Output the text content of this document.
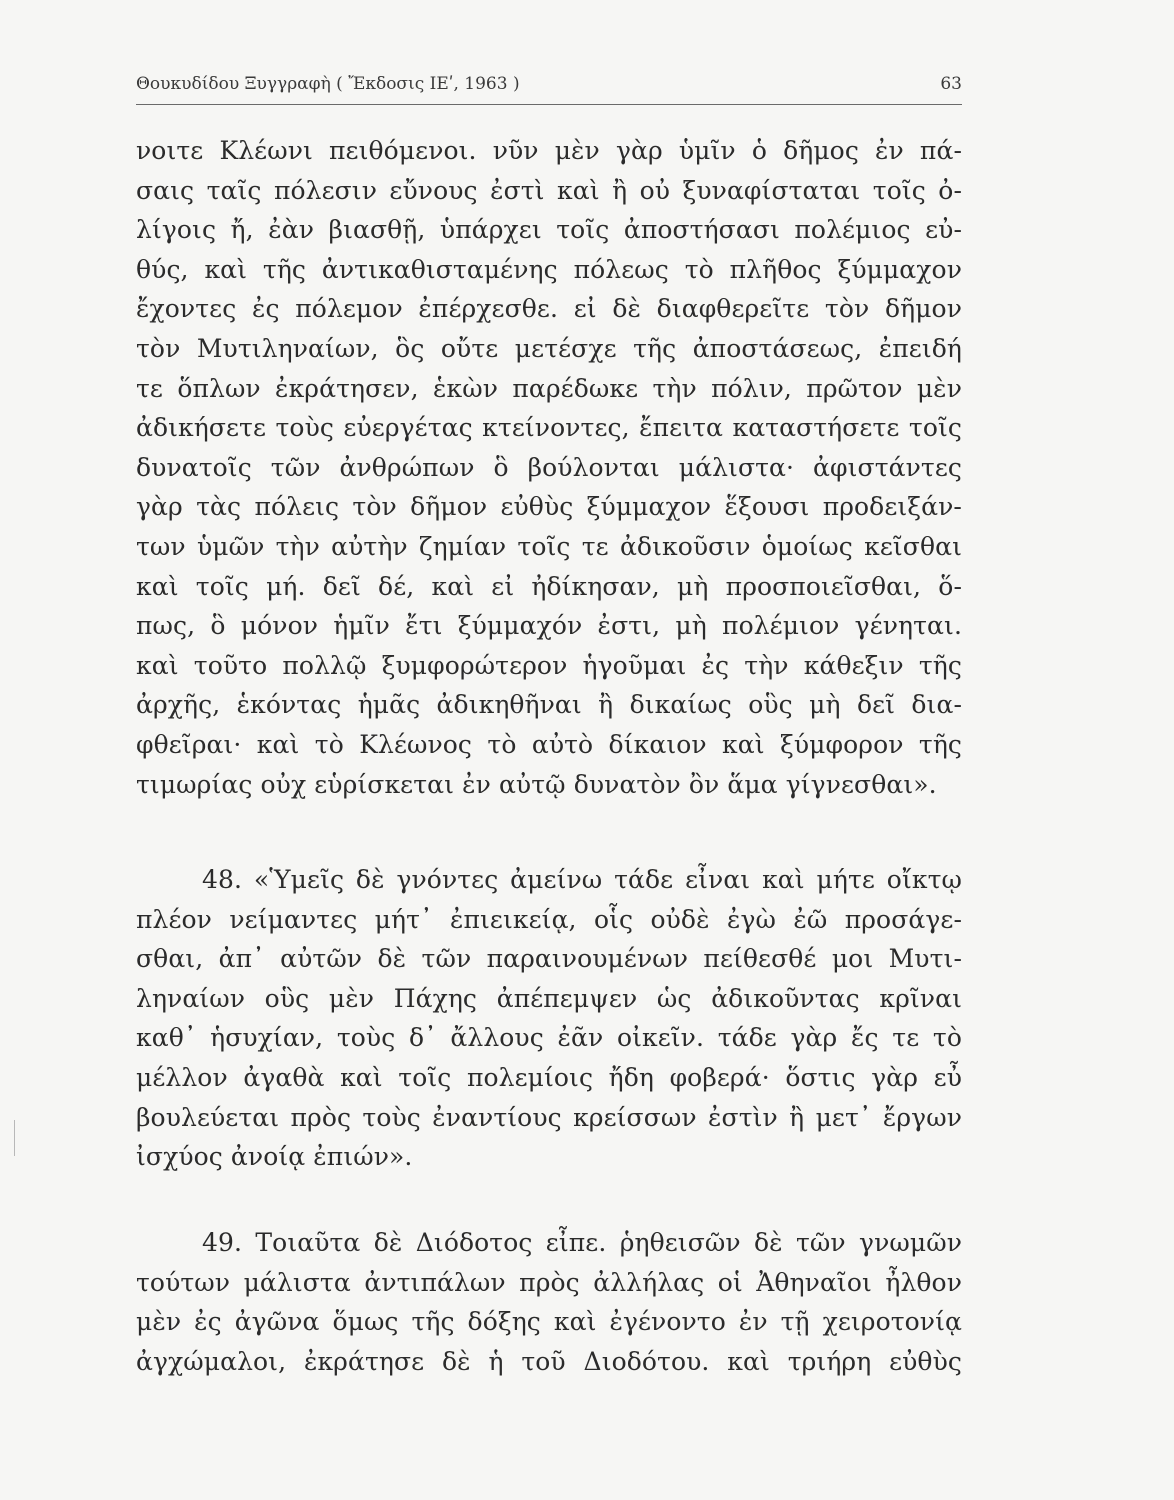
Θουκυδίδου Ξυγγραφὴ ( Ἔκδοσις ΙΕʹ, 1963 )	63
νοιτε Κλέωνι πειθόμενοι. νῦν μὲν γὰρ ὑμῖν ὁ δῆμος ἐν πά-
σαις ταῖς πόλεσιν εὔνους ἐστὶ καὶ ἢ οὐ ξυναφίσταται τοῖς ὀ-
λίγοις ἤ, ἐὰν βιασθῇ, ὑπάρχει τοῖς ἀποστήσασι πολέμιος εὐ-
θύς, καὶ τῆς ἀντικαθισταμένης πόλεως τὸ πλῆθος ξύμμαχον
ἔχοντες ἐς πόλεμον ἐπέρχεσθε. εἰ δὲ διαφθερεῖτε τὸν δῆμον
τὸν Μυτιληναίων, ὃς οὔτε μετέσχε τῆς ἀποστάσεως, ἐπειδή
τε ὅπλων ἐκράτησεν, ἑκὼν παρέδωκε τὴν πόλιν, πρῶτον μὲν
ἀδικήσετε τοὺς εὐεργέτας κτείνοντες, ἔπειτα καταστήσετε τοῖς
δυνατοῖς τῶν ἀνθρώπων ὃ βούλονται μάλιστα· ἀφιστάντες
γὰρ τὰς πόλεις τὸν δῆμον εὐθὺς ξύμμαχον ἕξουσι προδειξάν-
των ὑμῶν τὴν αὐτὴν ζημίαν τοῖς τε ἀδικοῦσιν ὁμοίως κεῖσθαι
καὶ τοῖς μή. δεῖ δέ, καὶ εἰ ἠδίκησαν, μὴ προσποιεῖσθαι, ὅ-
πως, ὃ μόνον ἡμῖν ἔτι ξύμμαχόν ἐστι, μὴ πολέμιον γένηται.
καὶ τοῦτο πολλῷ ξυμφορώτερον ἡγοῦμαι ἐς τὴν κάθεξιν τῆς
ἀρχῆς, ἑκόντας ἡμᾶς ἀδικηθῆναι ἢ δικαίως οὓς μὴ δεῖ δια-
φθεῖραι· καὶ τὸ Κλέωνος τὸ αὐτὸ δίκαιον καὶ ξύμφορον τῆς
τιμωρίας οὐχ εὑρίσκεται ἐν αὐτῷ δυνατὸν ὂν ἅμα γίγνεσθαι».
48. «Ὑμεῖς δὲ γνόντες ἀμείνω τάδε εἶναι καὶ μήτε οἴκτῳ
πλέον νείμαντες μήτ᾽ ἐπιεικείᾳ, οἷς οὐδὲ ἐγὼ ἐῶ προσάγε-
σθαι, ἀπ᾽ αὐτῶν δὲ τῶν παραινουμένων πείθεσθέ μοι Μυτι-
ληναίων οὓς μὲν Πάχης ἀπέπεμψεν ὡς ἀδικοῦντας κρῖναι
καθ᾽ ἡσυχίαν, τοὺς δ᾽ ἄλλους ἐᾶν οἰκεῖν. τάδε γὰρ ἔς τε τὸ
μέλλον ἀγαθὰ καὶ τοῖς πολεμίοις ἤδη φοβερά· ὅστις γὰρ εὖ
βουλεύεται πρὸς τοὺς ἐναντίους κρείσσων ἐστὶν ἢ μετ᾽ ἔργων
ἰσχύος ἀνοίᾳ ἐπιών».
49. Τοιαῦτα δὲ Διόδοτος εἶπε. ῥηθεισῶν δὲ τῶν γνωμῶν
τούτων μάλιστα ἀντιπάλων πρὸς ἀλλήλας οἱ Ἀθηναῖοι ἦλθον
μὲν ἐς ἀγῶνα ὅμως τῆς δόξης καὶ ἐγένοντο ἐν τῇ χειροτονίᾳ
ἀγχώμαλοι, ἐκράτησε δὲ ἡ τοῦ Διοδότου. καὶ τριήρη εὐθὺς
